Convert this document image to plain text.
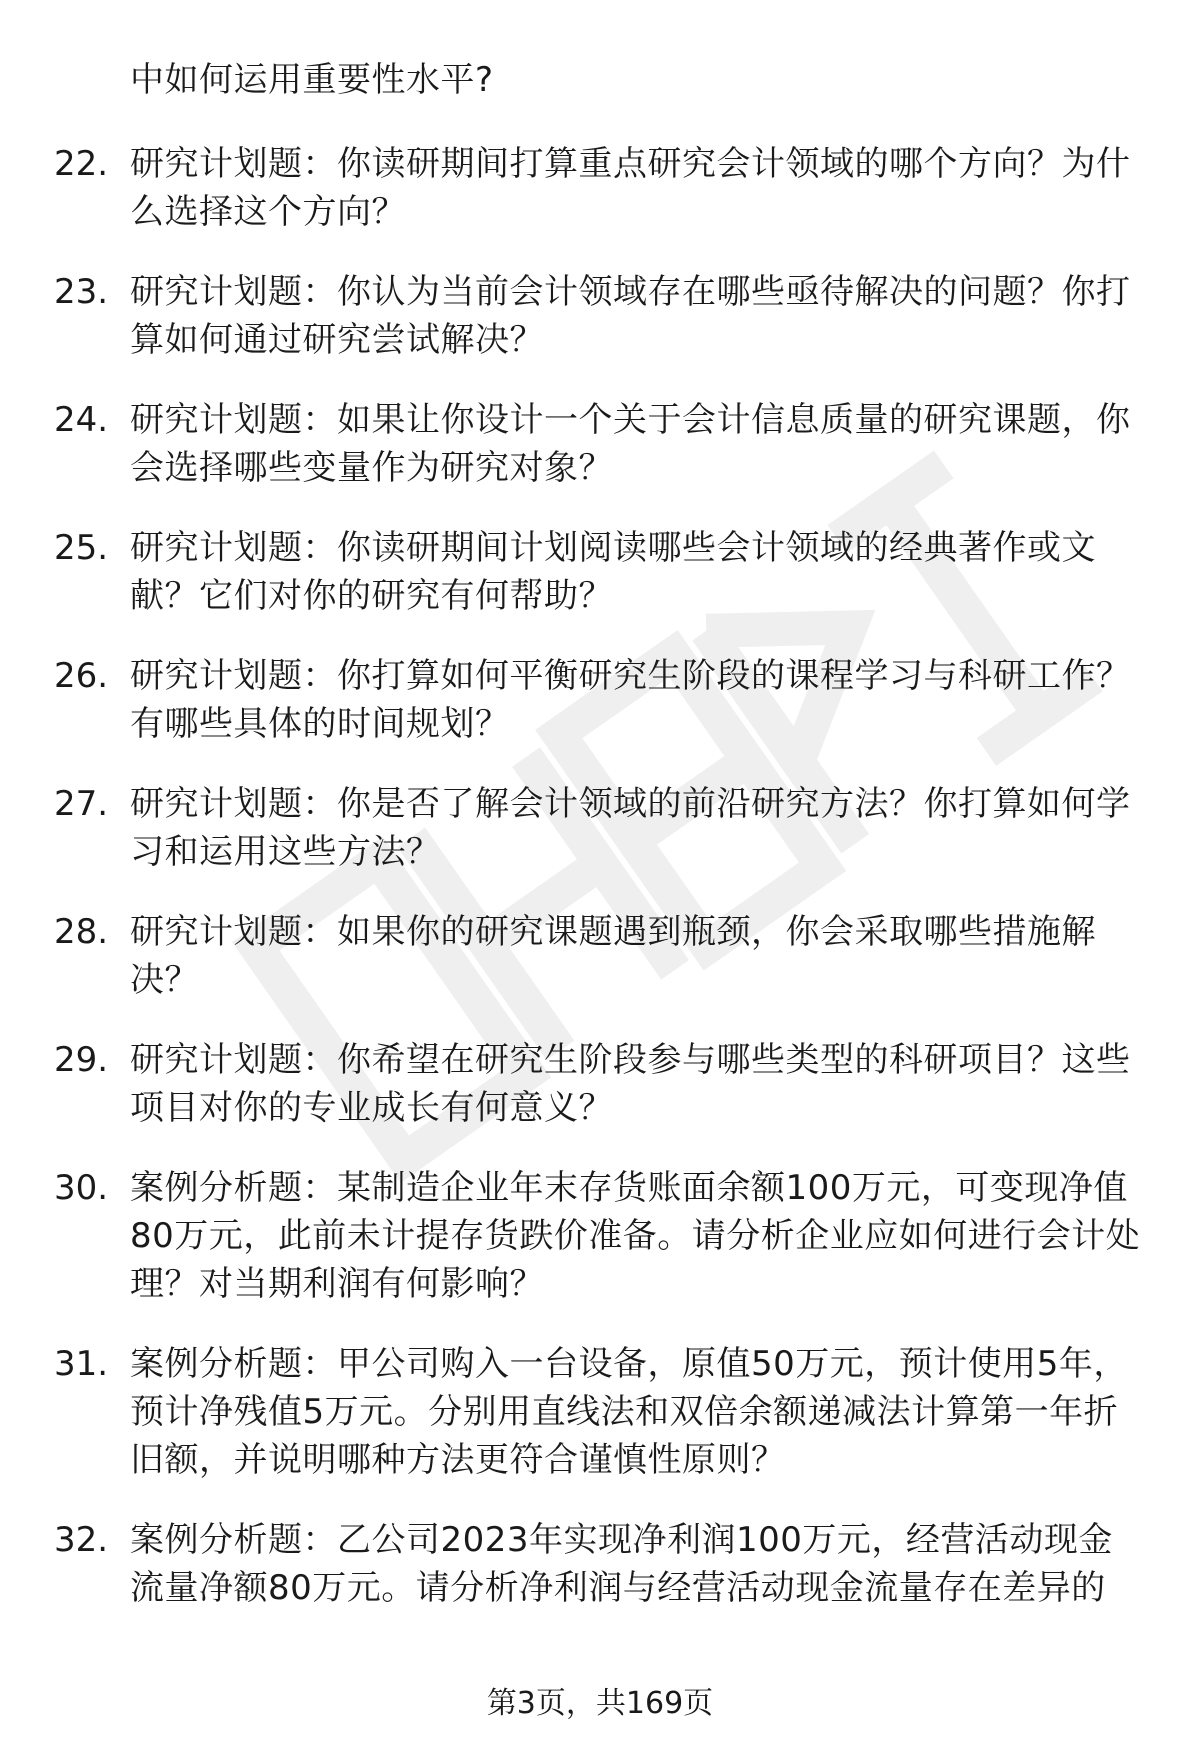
中如何运用重要性水平?

22. 研究计划题：你读研期间打算重点研究会计领域的哪个方向？为什么选择这个方向？
23. 研究计划题：你认为当前会计领域存在哪些亟待解决的问题？你打算如何通过研究尝试解决？
24. 研究计划题：如果让你设计一个关于会计信息质量的研究课题，你会选择哪些变量作为研究对象？
25. 研究计划题：你读研期间计划阅读哪些会计领域的经典著作或文献？它们对你的研究有何帮助？
26. 研究计划题：你打算如何平衡研究生阶段的课程学习与科研工作？有哪些具体的时间规划？
27. 研究计划题：你是否了解会计领域的前沿研究方法？你打算如何学习和运用这些方法？
28. 研究计划题：如果你的研究课题遇到瓶颈，你会采取哪些措施解决？
29. 研究计划题：你希望在研究生阶段参与哪些类型的科研项目？这些项目对你的专业成长有何意义？
30. 案例分析题：某制造企业年末存货账面余额100万元，可变现净值80万元，此前未计提存货跌价准备。请分析企业应如何进行会计处理？对当期利润有何影响？
31. 案例分析题：甲公司购入一台设备，原值50万元，预计使用5年，预计净残值5万元。分别用直线法和双倍余额递减法计算第一年折旧额，并说明哪种方法更符合谨慎性原则？
32. 案例分析题：乙公司2023年实现净利润100万元，经营活动现金流量净额80万元。请分析净利润与经营活动现金流量存在差异的
第3页，共169页
